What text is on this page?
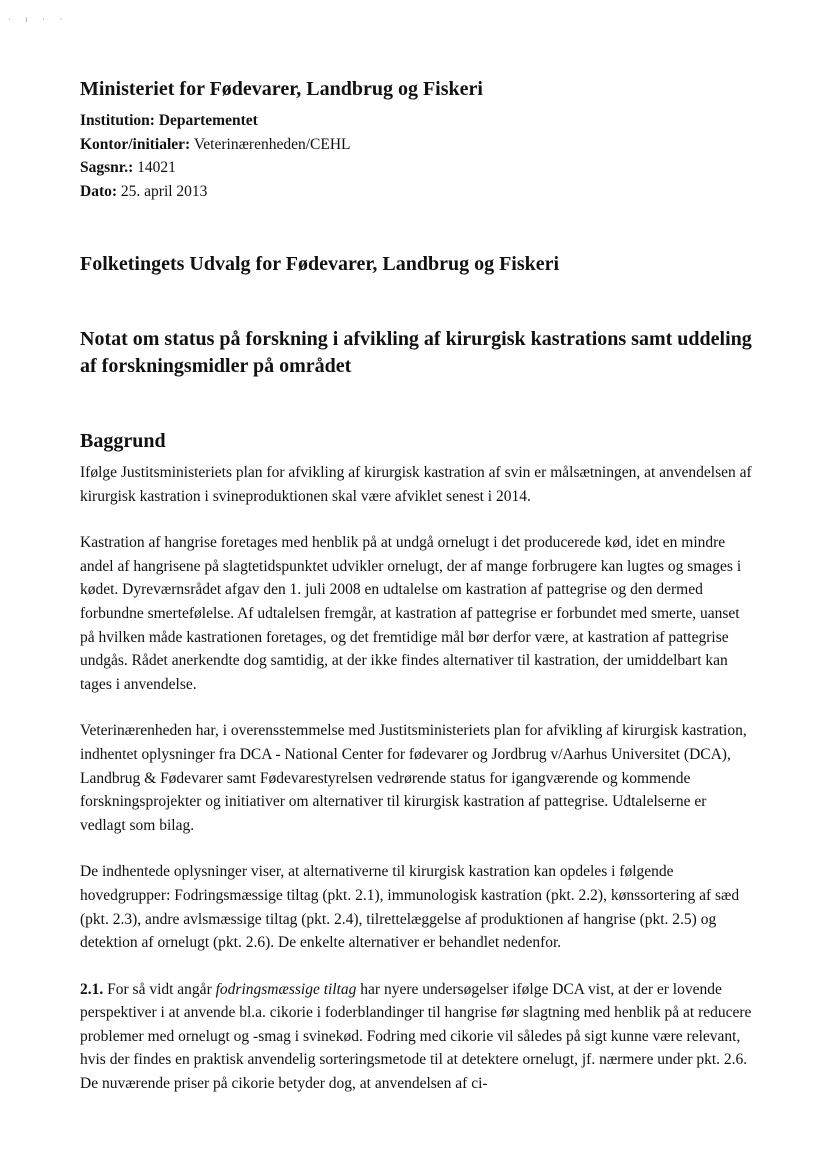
· ı · ·
Ministeriet for Fødevarer, Landbrug og Fiskeri
Institution: Departementet
Kontor/initialer: Veterinærenheden/CEHL
Sagsnr.: 14021
Dato: 25. april 2013
Folketingets Udvalg for Fødevarer, Landbrug og Fiskeri
Notat om status på forskning i afvikling af kirurgisk kastrations samt uddeling
af forskningsmidler på området
Baggrund

Ifølge Justitsministeriets plan for afvikling af kirurgisk kastration af svin er målsætningen, at anvendelsen af kirurgisk kastration i svineproduktionen skal være afviklet senest i 2014.

Kastration af hangrise foretages med henblik på at undgå ornelugt i det producerede kød, idet en mindre andel af hangrisene på slagtetidspunktet udvikler ornelugt, der af mange forbrugere kan lugtes og smages i kødet. Dyreværnsrådet afgav den 1. juli 2008 en udtalelse om kastration af pattegrise og den dermed forbundne smertefølelse. Af udtalelsen fremgår, at kastration af pattegrise er forbundet med smerte, uanset på hvilken måde kastrationen foretages, og det fremtidige mål bør derfor være, at kastration af pattegrise undgås. Rådet anerkendte dog samtidig, at der ikke findes alternativer til kastration, der umiddelbart kan tages i anvendelse.

Veterinærenheden har, i overensstemmelse med Justitsministeriets plan for afvikling af kirurgisk kastration, indhentet oplysninger fra DCA - National Center for fødevarer og Jordbrug v/Aarhus Universitet (DCA), Landbrug & Fødevarer samt Fødevarestyrelsen vedrørende status for igangværende og kommende forskningsprojekter og initiativer om alternativer til kirurgisk kastration af pattegrise. Udtalelserne er vedlagt som bilag.

De indhentede oplysninger viser, at alternativerne til kirurgisk kastration kan opdeles i følgende hovedgrupper: Fodringsmæssige tiltag (pkt. 2.1), immunologisk kastration (pkt. 2.2), kønssortering af sæd (pkt. 2.3), andre avlsmæssige tiltag (pkt. 2.4), tilrettelæggelse af produktionen af hangrise (pkt. 2.5) og detektion af ornelugt (pkt. 2.6). De enkelte alternativer er behandlet nedenfor.

2.1. For så vidt angår fodringsmæssige tiltag har nyere undersøgelser ifølge DCA vist, at der er lovende perspektiver i at anvende bl.a. cikorie i foderblandinger til hangrise før slagtning med henblik på at reducere problemer med ornelugt og -smag i svinekød. Fodring med cikorie vil således på sigt kunne være relevant, hvis der findes en praktisk anvendelig sorteringsmetode til at detektere ornelugt, jf. nærmere under pkt. 2.6. De nuværende priser på cikorie betyder dog, at anvendelsen af ci-
